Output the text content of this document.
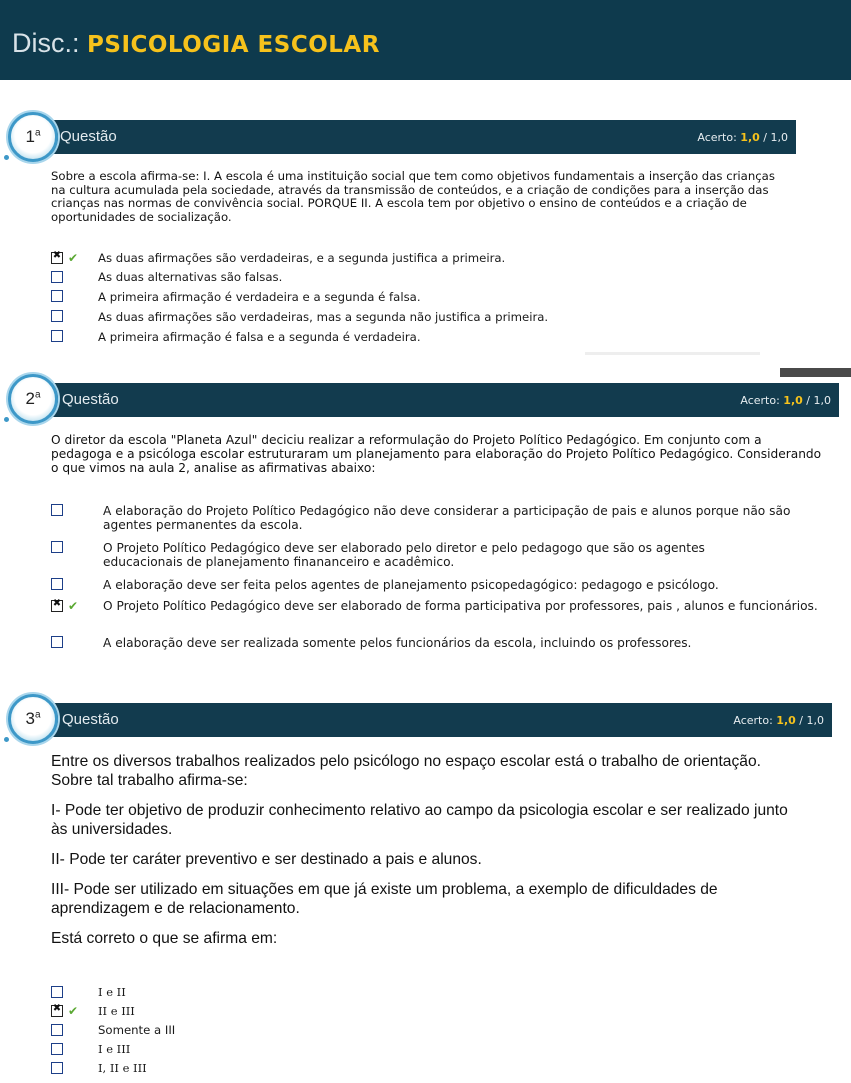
Disc.: PSICOLOGIA ESCOLAR
Questão	Acerto: 1,0 / 1,0
1$^a$
Sobre a escola afirma-se: I. A escola é uma instituição social que tem como objetivos fundamentais a inserção das crianças na cultura acumulada pela sociedade, através da transmissão de conteúdos, e a criação de condições para a inserção das crianças nas normas de convivência social. PORQUE II. A escola tem por objetivo o ensino de conteúdos e a criação de oportunidades de socialização.
✖
✔ As duas afirmações são verdadeiras, e a segunda justifica a primeira.
As duas alternativas são falsas.
A primeira afirmação é verdadeira e a segunda é falsa.
As duas afirmações são verdadeiras, mas a segunda não justifica a primeira.
A primeira afirmação é falsa e a segunda é verdadeira.
Questão	Acerto: 1,0 / 1,0
2$^a$
O diretor da escola "Planeta Azul" deciciu realizar a reformulação do Projeto Político Pedagógico. Em conjunto com a pedagoga e a psicóloga escolar estruturaram um planejamento para elaboração do Projeto Político Pedagógico. Considerando o que vimos na aula 2, analise as afirmativas abaixo:
A elaboração do Projeto Político Pedagógico não deve considerar a participação de pais e alunos porque não são agentes permanentes da escola.
O Projeto Político Pedagógico deve ser elaborado pelo diretor e pelo pedagogo que são os agentes educacionais de planejamento finananceiro e acadêmico.
A elaboração deve ser feita pelos agentes de planejamento psicopedagógico: pedagogo e psicólogo.
✖
✔ O Projeto Político Pedagógico deve ser elaborado de forma participativa por professores, pais , alunos e funcionários.
A elaboração deve ser realizada somente pelos funcionários da escola, incluindo os professores.
Questão	Acerto: 1,0 / 1,0
3$^a$

Entre os diversos trabalhos realizados pelo psicólogo no espaço escolar está o trabalho de orientação. Sobre tal trabalho afirma-se:

I- Pode ter objetivo de produzir conhecimento relativo ao campo da psicologia escolar e ser realizado junto às universidades.

II- Pode ter caráter preventivo e ser destinado a pais e alunos.

III- Pode ser utilizado em situações em que já existe um problema, a exemplo de dificuldades de aprendizagem e de relacionamento.

Está correto o que se afirma em:

I e II
✖
✔ II e III
Somente a III
I e III
I, II e III
